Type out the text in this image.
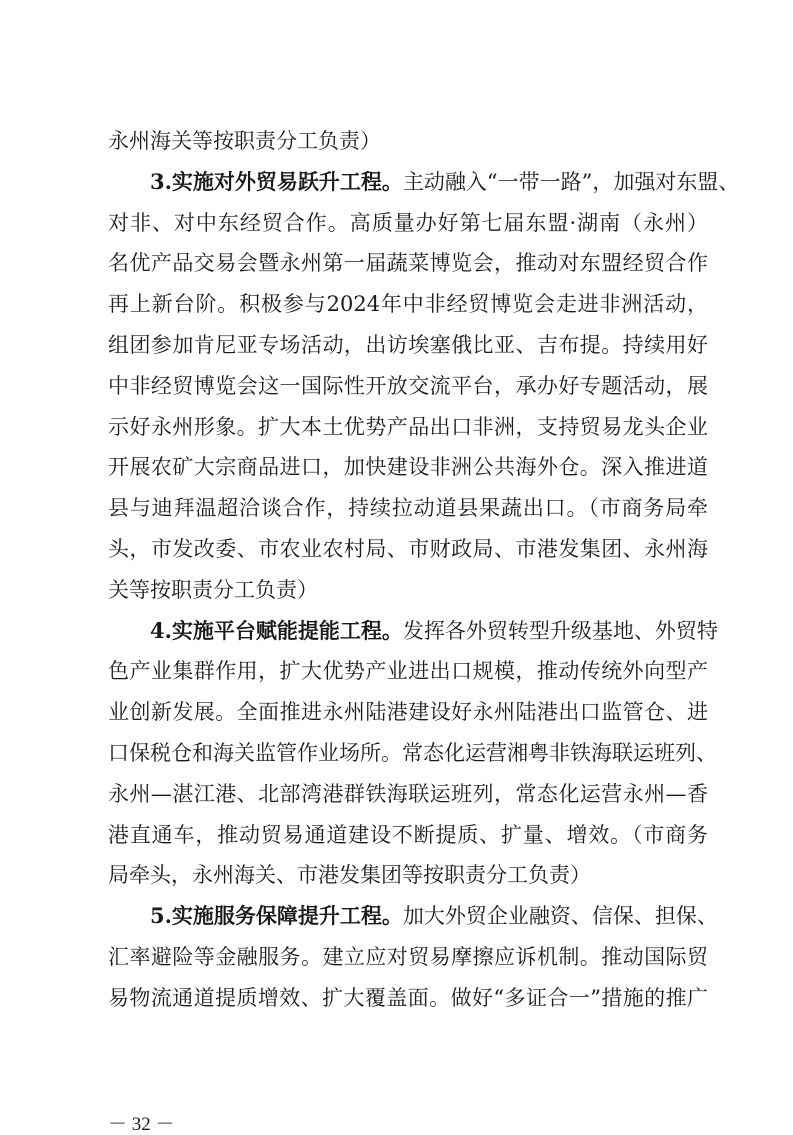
永州海关等按职责分工负责）
3.实施对外贸易跃升工程。主动融入“一带一路”，加强对东盟、
对非、对中东经贸合作。高质量办好第七届东盟·湖南（永州）
名优产品交易会暨永州第一届蔬菜博览会，推动对东盟经贸合作
再上新台阶。积极参与2024年中非经贸博览会走进非洲活动，
组团参加肯尼亚专场活动，出访埃塞俄比亚、吉布提。持续用好
中非经贸博览会这一国际性开放交流平台，承办好专题活动，展
示好永州形象。扩大本土优势产品出口非洲，支持贸易龙头企业
开展农矿大宗商品进口，加快建设非洲公共海外仓。深入推进道
县与迪拜温超洽谈合作，持续拉动道县果蔬出口。（市商务局牵
头，市发改委、市农业农村局、市财政局、市港发集团、永州海
关等按职责分工负责）
4.实施平台赋能提能工程。发挥各外贸转型升级基地、外贸特
色产业集群作用，扩大优势产业进出口规模，推动传统外向型产
业创新发展。全面推进永州陆港建设好永州陆港出口监管仓、进
口保税仓和海关监管作业场所。常态化运营湘粤非铁海联运班列、
永州—湛江港、北部湾港群铁海联运班列，常态化运营永州—香
港直通车，推动贸易通道建设不断提质、扩量、增效。（市商务
局牵头，永州海关、市港发集团等按职责分工负责）
5.实施服务保障提升工程。加大外贸企业融资、信保、担保、
汇率避险等金融服务。建立应对贸易摩擦应诉机制。推动国际贸
易物流通道提质增效、扩大覆盖面。做好“多证合一”措施的推广
－ 32 －
